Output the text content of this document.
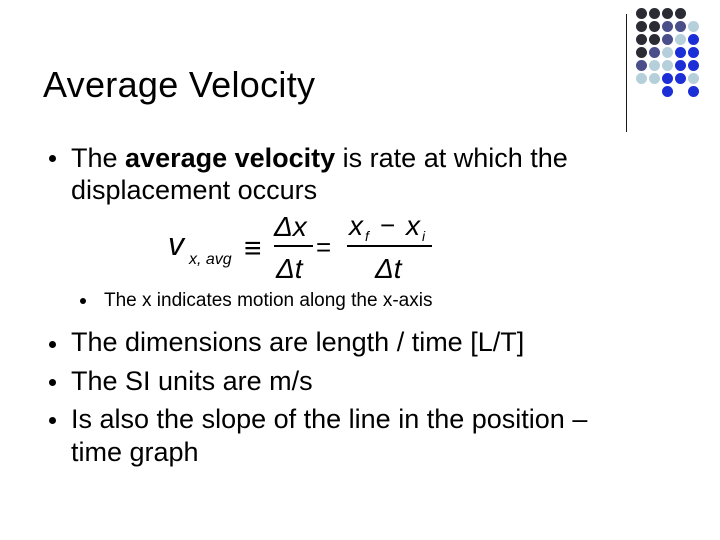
Average Velocity
The average velocity is rate at which the
displacement occurs
v x, avg ≡
Δx
Δt
=
x f − x i
Δt
The x indicates motion along the x-axis
The dimensions are length / time [L/T]
The SI units are m/s
Is also the slope of the line in the position –
time graph
